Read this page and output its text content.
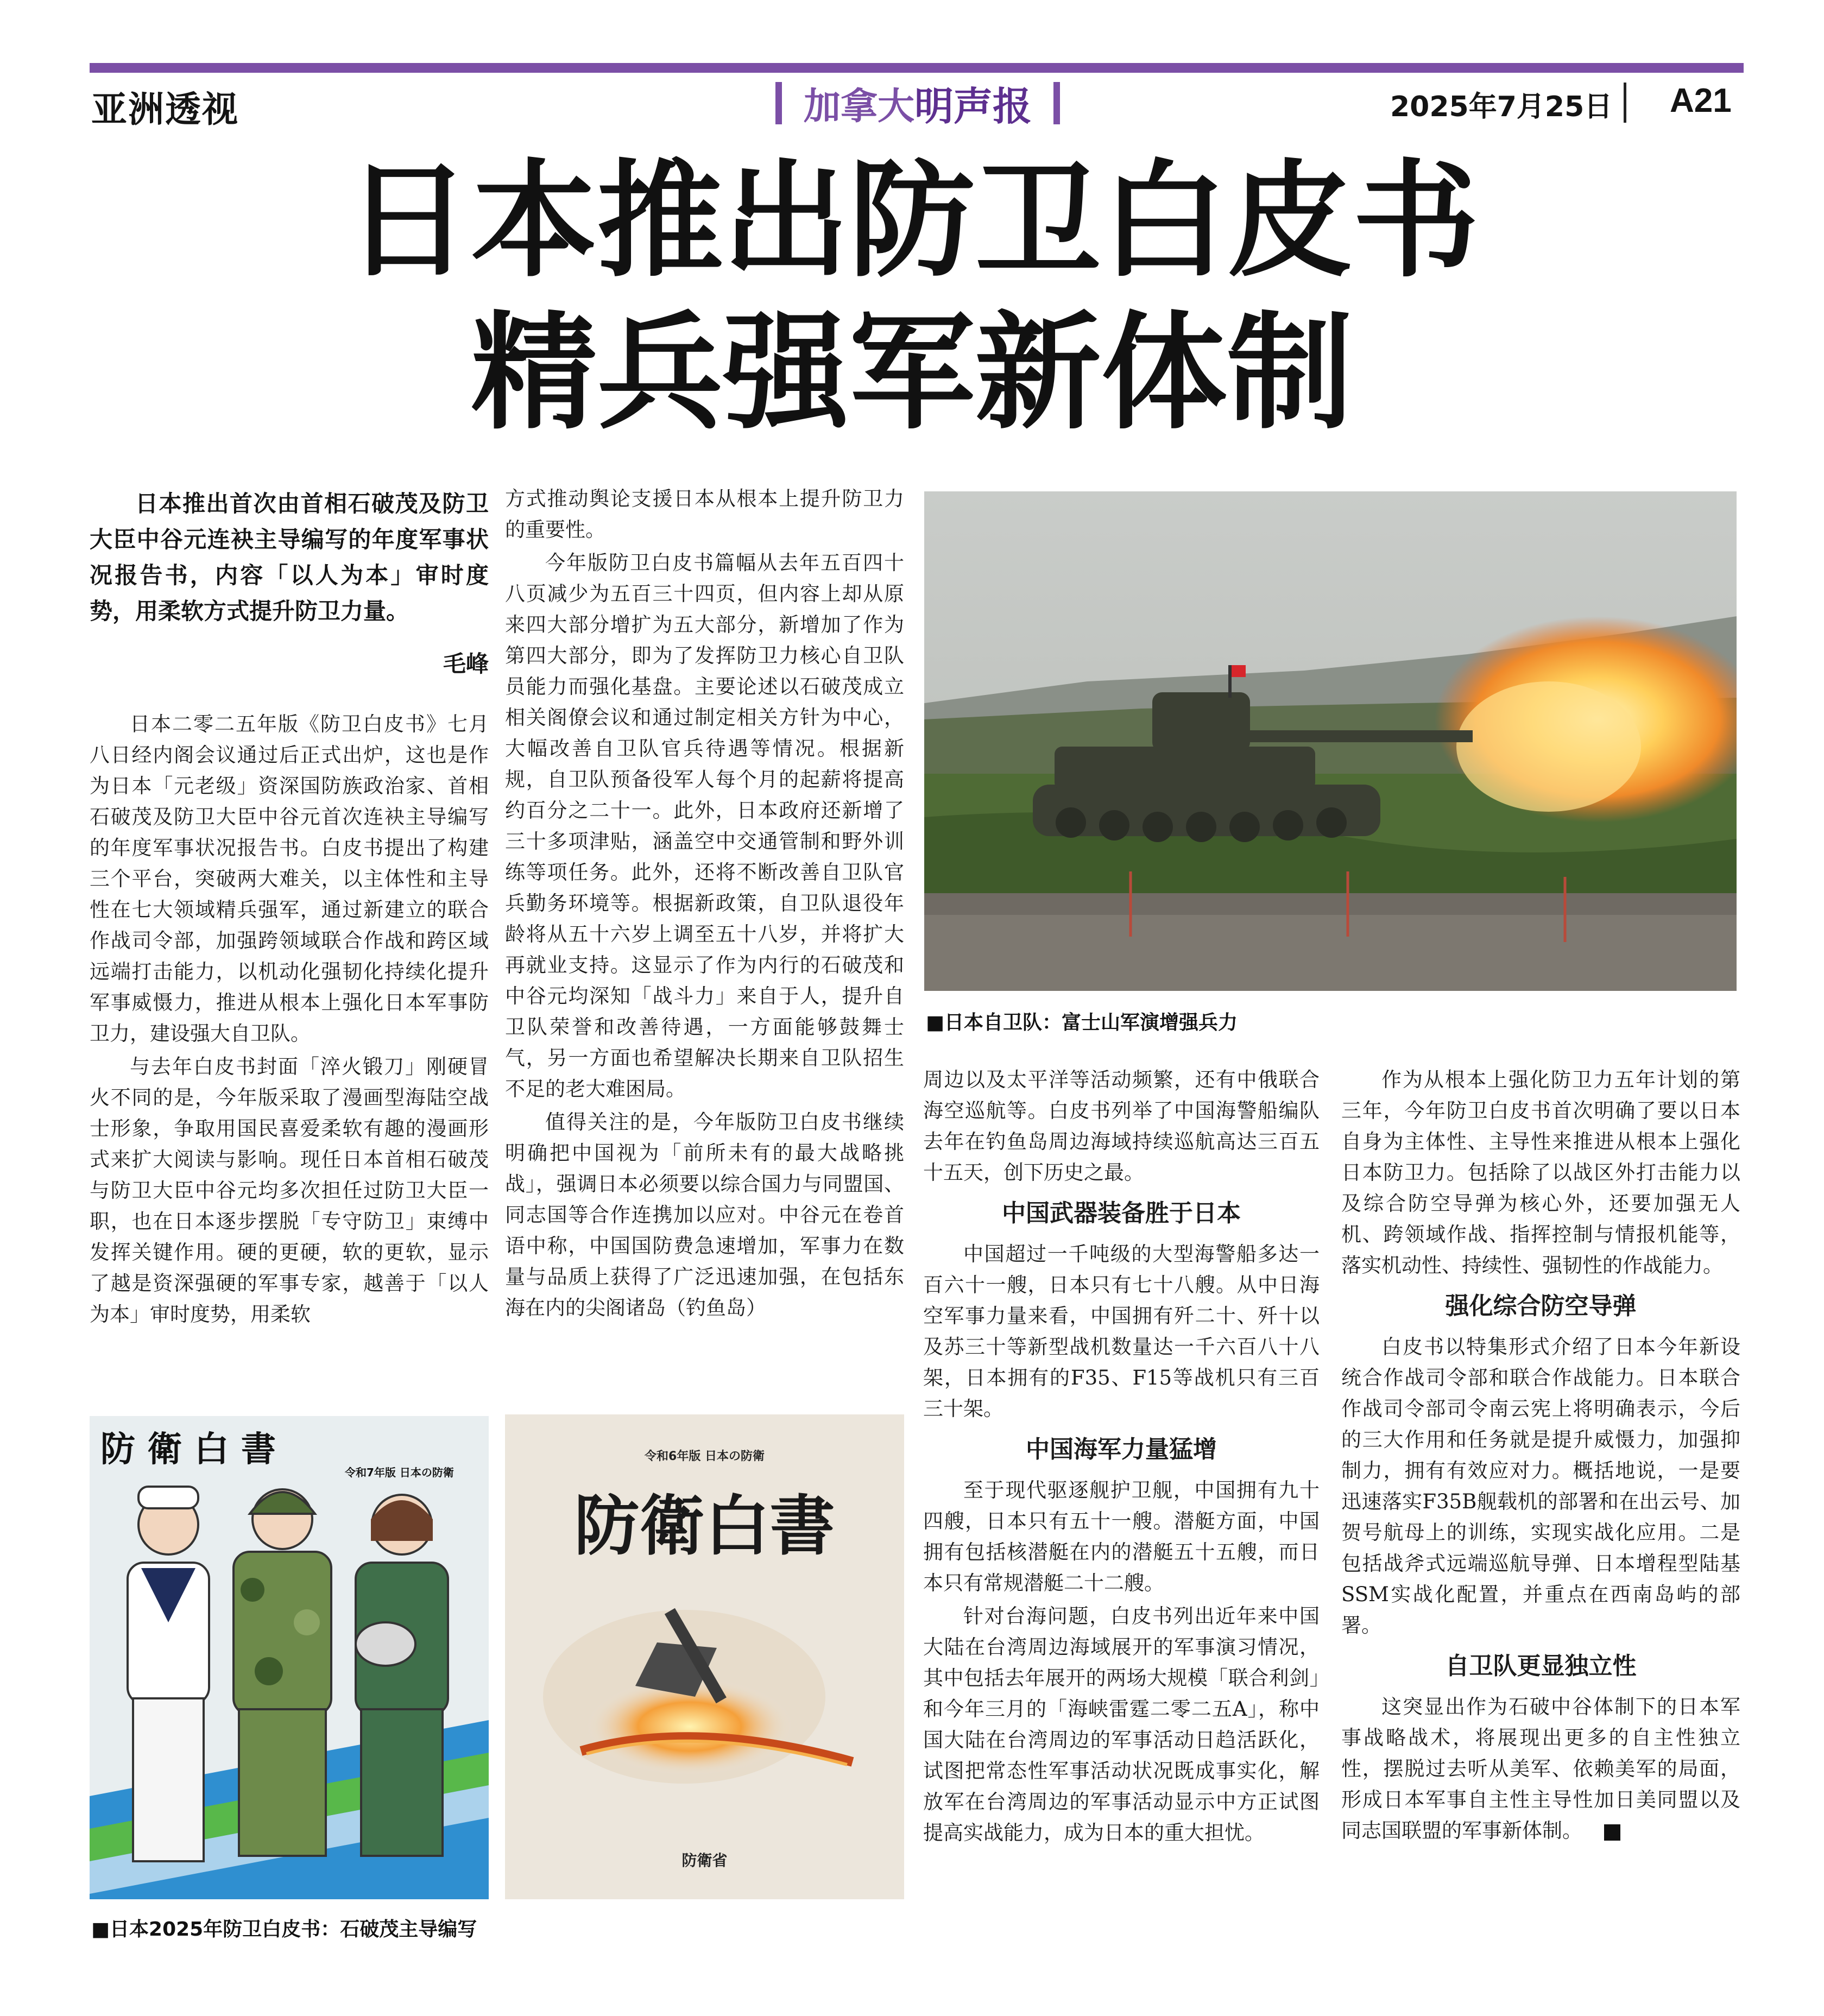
亚洲透视	加拿大 明声报	2025年7月25日 A21
日本推出防卫白皮书
精兵强军新体制

日本推出首次由首相石破茂及防卫大臣中谷元连袂主导编写的年度军事状况报告书，内容「以人为本」审时度势，用柔软方式提升防卫力量。

毛峰

日本二零二五年版《防卫白皮书》七月八日经内阁会议通过后正式出炉，这也是作为日本「元老级」资深国防族政治家、首相石破茂及防卫大臣中谷元首次连袂主导编写的年度军事状况报告书。白皮书提出了构建三个平台，突破两大难关，以主体性和主导性在七大领域精兵强军，通过新建立的联合作战司令部，加强跨领域联合作战和跨区域远端打击能力，以机动化强韧化持续化提升军事威慑力，推进从根本上强化日本军事防卫力，建设强大自卫队。

与去年白皮书封面「淬火锻刀」刚硬冒火不同的是，今年版采取了漫画型海陆空战士形象，争取用国民喜爱柔软有趣的漫画形式来扩大阅读与影响。现任日本首相石破茂与防卫大臣中谷元均多次担任过防卫大臣一职，也在日本逐步摆脱「专守防卫」束缚中发挥关键作用。硬的更硬，软的更软，显示了越是资深强硬的军事专家，越善于「以人为本」审时度势，用柔软

方式推动舆论支援日本从根本上提升防卫力的重要性。

今年版防卫白皮书篇幅从去年五百四十八页减少为五百三十四页，但内容上却从原来四大部分增扩为五大部分，新增加了作为第四大部分，即为了发挥防卫力核心自卫队员能力而强化基盘。主要论述以石破茂成立相关阁僚会议和通过制定相关方针为中心，大幅改善自卫队官兵待遇等情况。根据新规，自卫队预备役军人每个月的起薪将提高约百分之二十一。此外，日本政府还新增了三十多项津贴，涵盖空中交通管制和野外训练等项任务。此外，还将不断改善自卫队官兵勤务环境等。根据新政策，自卫队退役年龄将从五十六岁上调至五十八岁，并将扩大再就业支持。这显示了作为内行的石破茂和中谷元均深知「战斗力」来自于人，提升自卫队荣誉和改善待遇，一方面能够鼓舞士气，另一方面也希望解决长期来自卫队招生不足的老大难困局。

值得关注的是，今年版防卫白皮书继续明确把中国视为「前所未有的最大战略挑战」，强调日本必须要以综合国力与同盟国、同志国等合作连携加以应对。中谷元在卷首语中称，中国国防费急速增加，军事力在数量与品质上获得了广泛迅速加强，在包括东海在内的尖阁诸岛（钓鱼岛）

■日本自卫队：富士山军演增强兵力

周边以及太平洋等活动频繁，还有中俄联合海空巡航等。白皮书列举了中国海警船编队去年在钓鱼岛周边海域持续巡航高达三百五十五天，创下历史之最。

中国武器装备胜于日本

中国超过一千吨级的大型海警船多达一百六十一艘，日本只有七十八艘。从中日海空军事力量来看，中国拥有歼二十、歼十以及苏三十等新型战机数量达一千六百八十八架，日本拥有的F35、F15等战机只有三百三十架。

中国海军力量猛增

至于现代驱逐舰护卫舰，中国拥有九十四艘，日本只有五十一艘。潜艇方面，中国拥有包括核潜艇在内的潜艇五十五艘，而日本只有常规潜艇二十二艘。

针对台海问题，白皮书列出近年来中国大陆在台湾周边海域展开的军事演习情况，其中包括去年展开的两场大规模「联合利剑」和今年三月的「海峡雷霆二零二五A」，称中国大陆在台湾周边的军事活动日趋活跃化，试图把常态性军事活动状况既成事实化，解放军在台湾周边的军事活动显示中方正试图提高实战能力，成为日本的重大担忧。

作为从根本上强化防卫力五年计划的第三年，今年防卫白皮书首次明确了要以日本自身为主体性、主导性来推进从根本上强化日本防卫力。包括除了以战区外打击能力以及综合防空导弹为核心外，还要加强无人机、跨领域作战、指挥控制与情报机能等，落实机动性、持续性、强韧性的作战能力。

强化综合防空导弹

白皮书以特集形式介绍了日本今年新设统合作战司令部和联合作战能力。日本联合作战司令部司令南云宪上将明确表示，今后的三大作用和任务就是提升威慑力，加强抑制力，拥有有效应对力。概括地说，一是要迅速落实F35B舰载机的部署和在出云号、加贺号航母上的训练，实现实战化应用。二是包括战斧式远端巡航导弹、日本增程型陆基SSM实战化配置，并重点在西南岛屿的部署。

自卫队更显独立性

这突显出作为石破中谷体制下的日本军事战略战术，将展现出更多的自主性独立性，摆脱过去听从美军、依赖美军的局面，形成日本军事自主性主导性加日美同盟以及同志国联盟的军事新体制。

防 衛 白 書
令和7年版 日本の防衛
令和6年版 日本の防衛
防衛白書
防衛省
■日本2025年防卫白皮书：石破茂主导编写
